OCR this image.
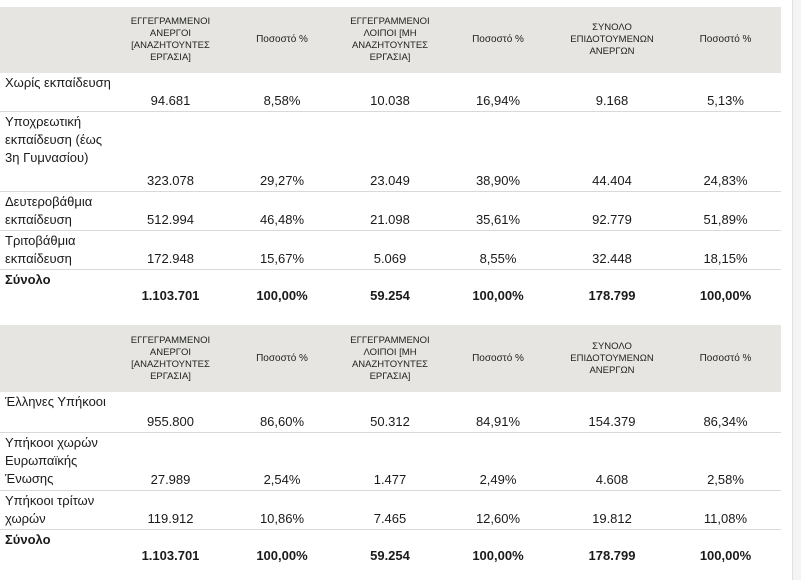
	ΕΓΓΕΓΡΑΜΜΕΝΟΙ ΑΝΕΡΓΟΙ [ΑΝΑΖΗΤΟΥΝΤΕΣ ΕΡΓΑΣΙΑ]	Ποσοστό %	ΕΓΓΕΓΡΑΜΜΕΝΟΙ ΛΟΙΠΟΙ [ΜΗ ΑΝΑΖΗΤΟΥΝΤΕΣ ΕΡΓΑΣΙΑ]	Ποσοστό %	ΣΥΝΟΛΟ ΕΠΙΔΟΤΟΥΜΕΝΩΝ ΑΝΕΡΓΩΝ	Ποσοστό %
Χωρίς εκπαίδευση	94.681	8,58%	10.038	16,94%	9.168	5,13%
Υποχρεωτική εκπαίδευση (έως 3η Γυμνασίου)	323.078	29,27%	23.049	38,90%	44.404	24,83%
Δευτεροβάθμια εκπαίδευση	512.994	46,48%	21.098	35,61%	92.779	51,89%
Τριτοβάθμια εκπαίδευση	172.948	15,67%	5.069	8,55%	32.448	18,15%
Σύνολο	1.103.701	100,00%	59.254	100,00%	178.799	100,00%
	ΕΓΓΕΓΡΑΜΜΕΝΟΙ ΑΝΕΡΓΟΙ [ΑΝΑΖΗΤΟΥΝΤΕΣ ΕΡΓΑΣΙΑ]	Ποσοστό %	ΕΓΓΕΓΡΑΜΜΕΝΟΙ ΛΟΙΠΟΙ [ΜΗ ΑΝΑΖΗΤΟΥΝΤΕΣ ΕΡΓΑΣΙΑ]	Ποσοστό %	ΣΥΝΟΛΟ ΕΠΙΔΟΤΟΥΜΕΝΩΝ ΑΝΕΡΓΩΝ	Ποσοστό %
Έλληνες Υπήκοοι	955.800	86,60%	50.312	84,91%	154.379	86,34%
Υπήκοοι χωρών Ευρωπαϊκής Ένωσης	27.989	2,54%	1.477	2,49%	4.608	2,58%
Υπήκοοι τρίτων χωρών	119.912	10,86%	7.465	12,60%	19.812	11,08%
Σύνολο	1.103.701	100,00%	59.254	100,00%	178.799	100,00%
